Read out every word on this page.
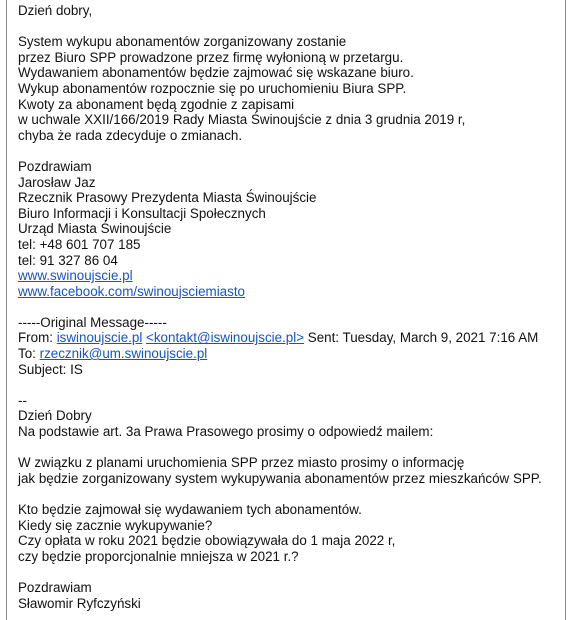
Dzień dobry,
System wykupu abonamentów zorganizowany zostanie
przez Biuro SPP prowadzone przez firmę wyłonioną w przetargu.
Wydawaniem abonamentów będzie zajmować się wskazane biuro.
Wykup abonamentów rozpocznie się po uruchomieniu Biura SPP.
Kwoty za abonament będą zgodnie z zapisami
w uchwale XXII/166/2019 Rady Miasta Świnoujście z dnia 3 grudnia 2019 r,
chyba że rada zdecyduje o zmianach.
Pozdrawiam
Jarosław Jaz
Rzecznik Prasowy Prezydenta Miasta Świnoujście
Biuro Informacji i Konsultacji Społecznych
Urząd Miasta Świnoujście
tel: +48 601 707 185
tel: 91 327 86 04
www.swinoujscie.pl
www.facebook.com/swinoujsciemiasto
-----Original Message-----
From: iswinoujscie.pl <kontakt@iswinoujscie.pl> Sent: Tuesday, March 9, 2021 7:16 AM
To: rzecznik@um.swinoujscie.pl
Subject: IS
--
Dzień Dobry
Na podstawie art. 3a Prawa Prasowego prosimy o odpowiedź mailem:
W związku z planami uruchomienia SPP przez miasto prosimy o informację
jak będzie zorganizowany system wykupywania abonamentów przez mieszkańców SPP.
Kto będzie zajmował się wydawaniem tych abonamentów.
Kiedy się zacznie wykupywanie?
Czy opłata w roku 2021 będzie obowiązywała do 1 maja 2022 r,
czy będzie proporcjonalnie mniejsza w 2021 r.?
Pozdrawiam
Sławomir Ryfczyński
